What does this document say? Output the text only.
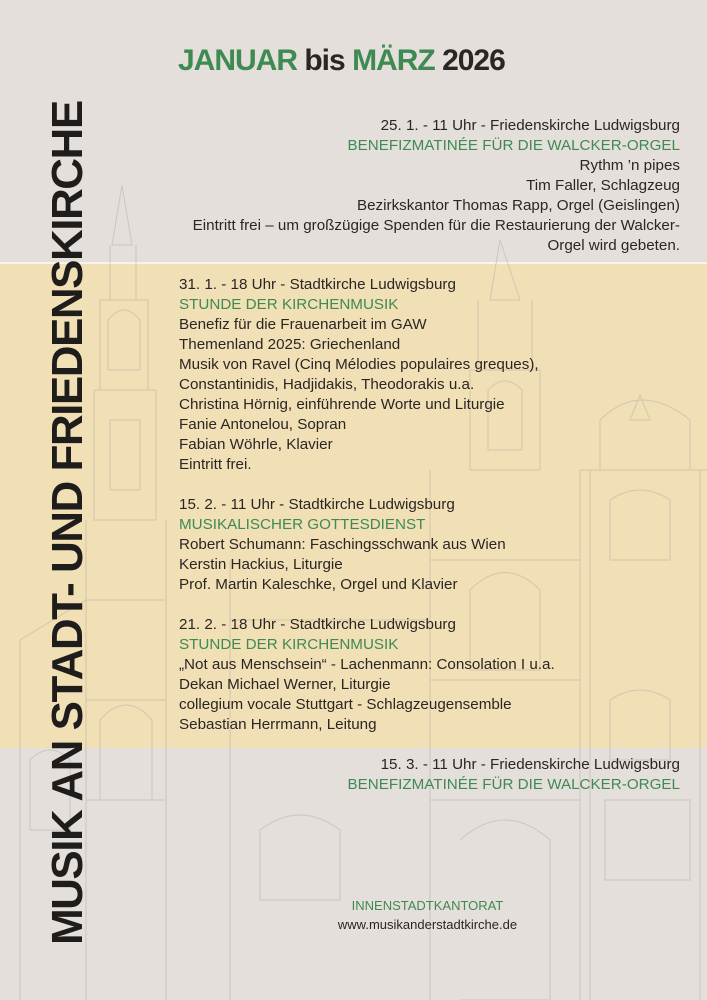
MUSIK AN STADT- UND FRIEDENSKIRCHE
JANUAR bis MÄRZ 2026
25. 1. - 11 Uhr - Friedenskirche Ludwigsburg
BENEFIZMATINÉE FÜR DIE WALCKER-ORGEL
Rythm ’n pipes
Tim Faller, Schlagzeug
Bezirkskantor Thomas Rapp, Orgel (Geislingen)
Eintritt frei – um großzügige Spenden für die Restaurierung der Walcker-Orgel wird gebeten.
31. 1. - 18 Uhr - Stadtkirche Ludwigsburg
STUNDE DER KIRCHENMUSIK
Benefiz für die Frauenarbeit im GAW
Themenland 2025: Griechenland
Musik von Ravel (Cinq Mélodies populaires greques),
Constantinidis, Hadjidakis, Theodorakis u.a.
Christina Hörnig, einführende Worte und Liturgie
Fanie Antonelou, Sopran
Fabian Wöhrle, Klavier
Eintritt frei.
15. 2. - 11 Uhr - Stadtkirche Ludwigsburg
MUSIKALISCHER GOTTESDIENST
Robert Schumann: Faschingsschwank aus Wien
Kerstin Hackius, Liturgie
Prof. Martin Kaleschke, Orgel und Klavier
21. 2. - 18 Uhr - Stadtkirche Ludwigsburg
STUNDE DER KIRCHENMUSIK
„Not aus Menschsein“ - Lachenmann: Consolation I u.a.
Dekan Michael Werner, Liturgie
collegium vocale Stuttgart - Schlagzeugensemble
Sebastian Herrmann, Leitung
15. 3. - 11 Uhr - Friedenskirche Ludwigsburg
BENEFIZMATINÉE FÜR DIE WALCKER-ORGEL
INNENSTADTKANTORAT
www.musikanderstadtkirche.de
